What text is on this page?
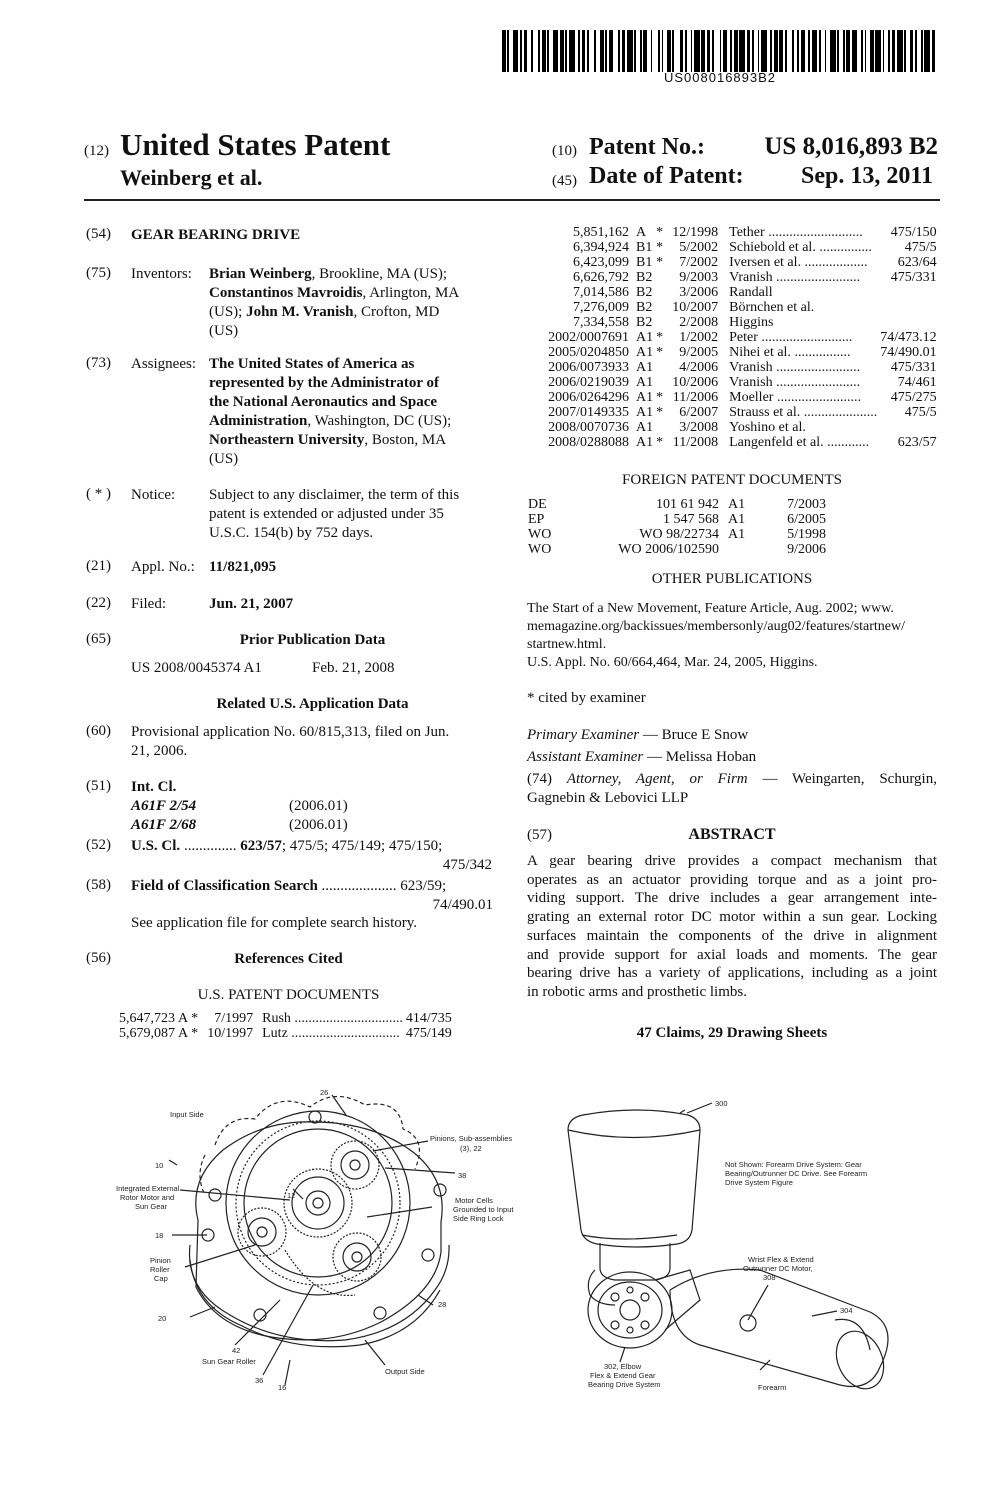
US008016893B2
(12) United States Patent
Weinberg et al.
(10) Patent No.:	US 8,016,893 B2
(45) Date of Patent:	Sep. 13, 2011
(54) GEAR BEARING DRIVE
(75) Inventors: Brian Weinberg, Brookline, MA (US);
Constantinos Mavroidis, Arlington, MA
(US); John M. Vranish, Crofton, MD
(US)
(73) Assignees: The United States of America as
represented by the Administrator of
the National Aeronautics and Space
Administration, Washington, DC (US);
Northeastern University, Boston, MA
(US)
( * ) Notice: Subject to any disclaimer, the term of this
patent is extended or adjusted under 35
U.S.C. 154(b) by 752 days.
(21) Appl. No.: 11/821,095
(22) Filed:	Jun. 21, 2007
(65)	Prior Publication Data
US 2008/0045374 A1	Feb. 21, 2008
Related U.S. Application Data
(60) Provisional application No. 60/815,313, filed on Jun.
21, 2006.
(51) Int. Cl.
A61F 2/54	(2006.01)
A61F 2/68	(2006.01)
(52) U.S. Cl. .............. 623/57; 475/5; 475/149; 475/150;
475/342
(58) Field of Classification Search .................... 623/59;
74/490.01
See application file for complete search history.
(56)	References Cited
U.S. PATENT DOCUMENTS
5,647,723	A	*	7/1997	Rush ...............................	414/735
5,679,087	A	*	10/1997	Lutz ...............................	475/149
5,851,162	A	*	12/1998	Tether ...........................	475/150
6,394,924	B1	*	5/2002	Schiebold et al. ...............	475/5
6,423,099	B1	*	7/2002	Iversen et al. ..................	623/64
6,626,792	B2		9/2003	Vranish ........................	475/331
7,014,586	B2		3/2006	Randall	
7,276,009	B2		10/2007	Börnchen et al.	
7,334,558	B2		2/2008	Higgins	
2002/0007691	A1	*	1/2002	Peter ..........................	74/473.12
2005/0204850	A1	*	9/2005	Nihei et al. ................	74/490.01
2006/0073933	A1		4/2006	Vranish ........................	475/331
2006/0219039	A1		10/2006	Vranish ........................	74/461
2006/0264296	A1	*	11/2006	Moeller ........................	475/275
2007/0149335	A1	*	6/2007	Strauss et al. .....................	475/5
2008/0070736	A1		3/2008	Yoshino et al.	
2008/0288088	A1	*	11/2008	Langenfeld et al. ............	623/57
FOREIGN PATENT DOCUMENTS
DE	101 61 942	A1	7/2003
EP	1 547 568	A1	6/2005
WO	WO 98/22734	A1	5/1998
WO	WO 2006/102590		9/2006
OTHER PUBLICATIONS
The Start of a New Movement, Feature Article, Aug. 2002; www.
memagazine.org/backissues/membersonly/aug02/features/startnew/
startnew.html.
U.S. Appl. No. 60/664,464, Mar. 24, 2005, Higgins.
* cited by examiner
Primary Examiner — Bruce E Snow
Assistant Examiner — Melissa Hoban
(74) Attorney, Agent, or Firm — Weingarten, Schurgin,
Gagnebin & Lebovici LLP
(57)	ABSTRACT
A gear bearing drive provides a compact mechanism that
operates as an actuator providing torque and as a joint pro-
viding support. The drive includes a gear arrangement inte-
grating an external rotor DC motor within a sun gear. Locking
surfaces maintain the components of the drive in alignment
and provide support for axial loads and moments. The gear
bearing drive has a variety of applications, including as a joint
in robotic arms and prosthetic limbs.
47 Claims, 29 Drawing Sheets
26
Input Side
Pinions, Sub-assemblies
(3), 22
10
38
Integrated External
Rotor Motor and
Sun Gear
12
Motor Cells
Grounded to Input
Side Ring Lock
18
Pinion
Roller
Cap
28
20
42
Sun Gear Roller
Output Side
36
16
300
Not Shown: Forearm Drive System: Gear
Bearing/Outrunner DC Drive. See Forearm
Drive System Figure
Wrist Flex & Extend
Outrunner DC Motor,
308
304
302, Elbow
Flex & Extend Gear
Bearing Drive System	Forearm
